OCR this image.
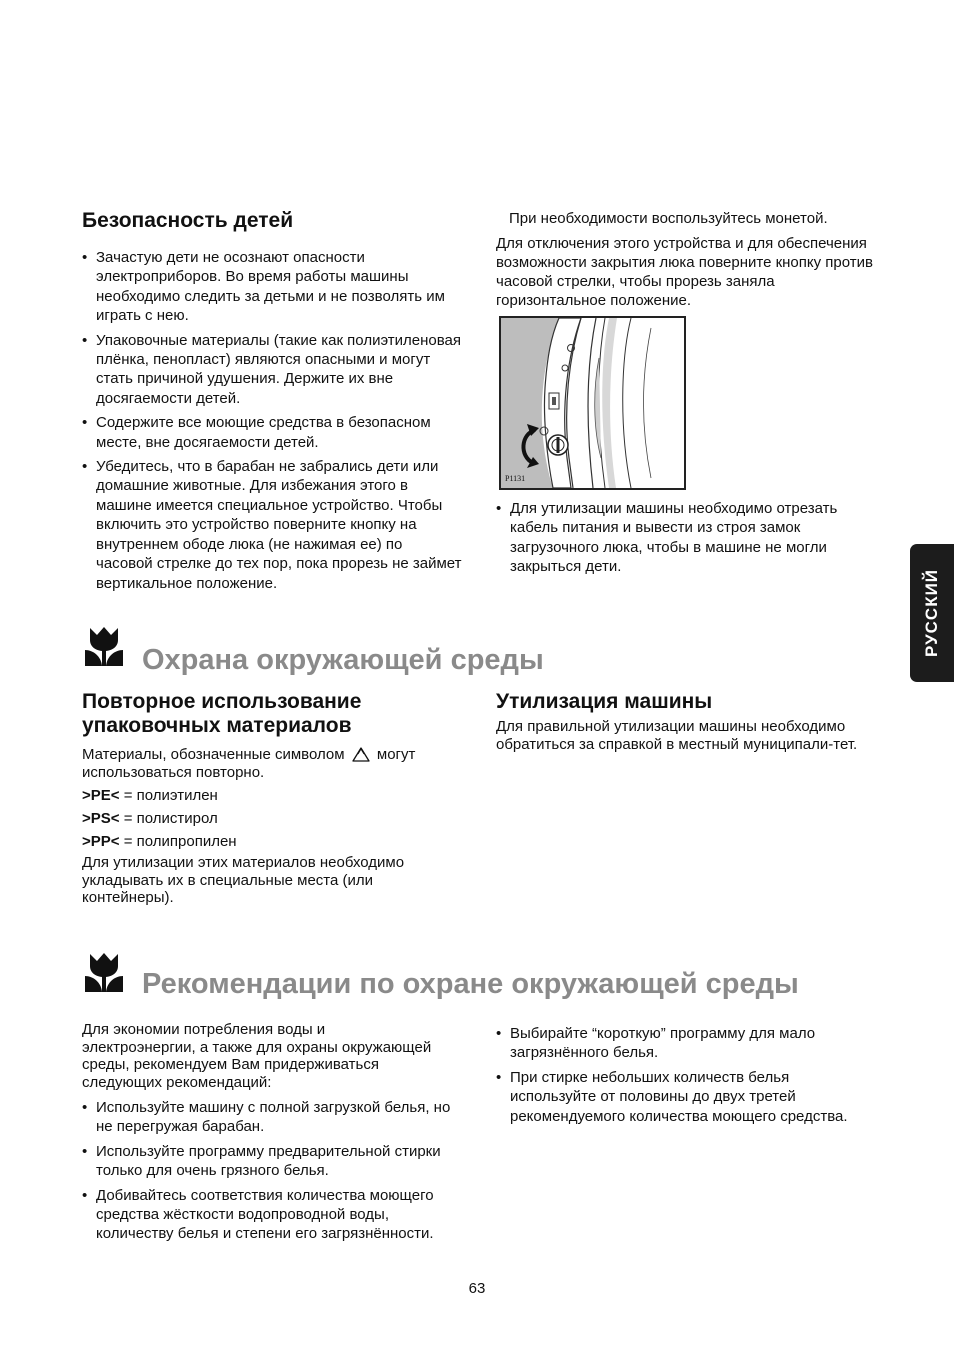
Безопасность детей
• Зачастую дети не осознают опасности электроприборов. Во время работы машины необходимо следить за детьми и не позволять им играть с нею.
• Упаковочные материалы (такие как полиэтиленовая плёнка, пенопласт) являются опасными и могут стать причиной удушения. Держите их вне досягаемости детей.
• Содержите все моющие средства в безопасном месте, вне досягаемости детей.
• Убедитесь, что в барабан не забрались дети или домашние животные. Для избежания этого в машине имеется специальное устройство. Чтобы включить это устройство поверните кнопку на внутреннем ободе люка (не нажимая ее) по часовой стрелке до тех пор, пока прорезь не займет вертикальное положение.

При необходимости воспользуйтесь монетой.

Для отключения этого устройства и для обеспечения возможности закрытия люка поверните кнопку против часовой стрелки, чтобы прорезь заняла горизонтальное положение.

P1131
• Для утилизации машины необходимо отрезать кабель питания и вывести из строя замок загрузочного люка, чтобы в машине не могли закрыться дети.
РУССКИЙ
Охрана окружающей среды
Повторное использование упаковочных материалов
Материалы, обозначенные символом могут использоваться повторно.

>PE< = полиэтилен

>PS< = полистирол

>PP< = полипропилен

Для утилизации этих материалов необходимо укладывать их в специальные места (или контейнеры).

Утилизация машины

Для правильной утилизации машины необходимо обратиться за справкой в местный муниципали-тет.

Рекомендации по охране окружающей среды

Для экономии потребления воды и электроэнергии, а также для охраны окружающей среды, рекомендуем Вам придерживаться следующих рекомендаций:

• Используйте машину с полной загрузкой белья, но не перегружая барабан.
• Используйте программу предварительной стирки только для очень грязного белья.
• Добивайтесь соответствия количества моющего средства жёсткости водопроводной воды, количеству белья и степени его загрязнённости.
• Выбирайте “короткую” программу для мало загрязнённого белья.
• При стирке небольших количеств белья используйте от половины до двух третей рекомендуемого количества моющего средства.
63
